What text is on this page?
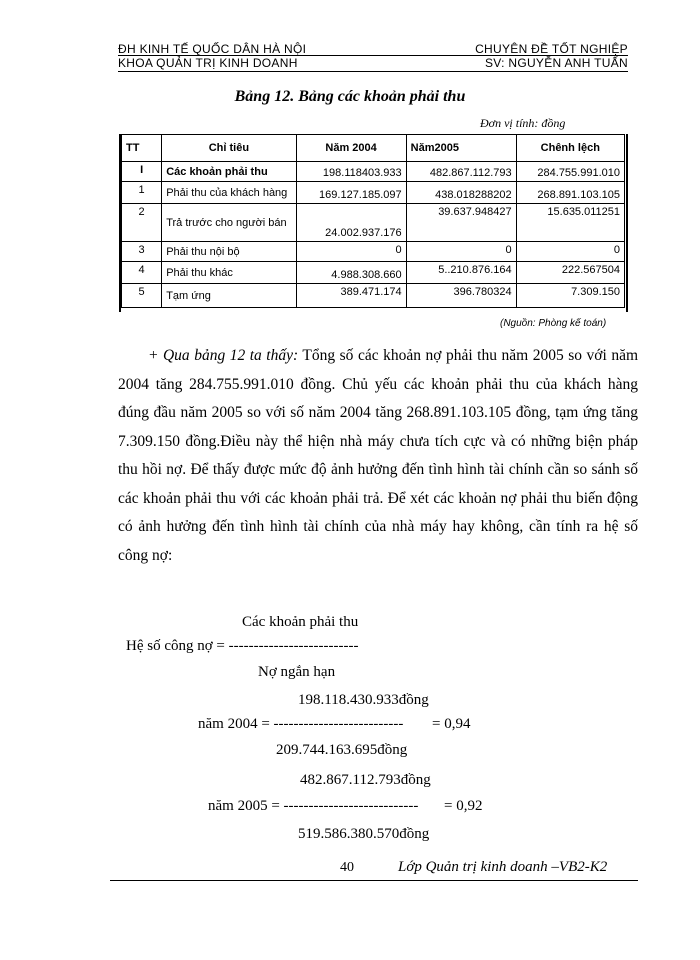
ĐH KINH TẾ QUỐC DÂN HÀ NỘI
KHOA QUẢN TRỊ KINH DOANH
CHUYÊN ĐỀ TỐT NGHIỆP
SV: NGUYỄN ANH TUẤN
Bảng 12. Bảng các khoản phải thu
Đơn vị tính: đồng
TT	Chỉ tiêu	Năm 2004	Năm2005	Chênh lệch
I	Các khoản phải thu	198.118403.933	482.867.112.793	284.755.991.010
1	Phải thu của khách hàng	169.127.185.097	438.018288202	268.891.103.105
2	Trả trước cho người bán	24.002.937.176	39.637.948427	15.635.011251
3	Phải thu nội bộ	0	0	0
4	Phải thu khác	4.988.308.660	5..210.876.164	222.567504
5	Tạm ứng	389.471.174	396.780324	7.309.150
(Nguồn: Phòng kế toán)
+ Qua bảng 12 ta thấy: Tổng số các khoản nợ phải thu năm 2005 so với năm 2004 tăng 284.755.991.010 đồng. Chủ yếu các khoản phải thu của khách hàng đúng đầu năm 2005 so với số năm 2004 tăng 268.891.103.105 đồng, tạm ứng tăng 7.309.150 đồng.Điều này thể hiện nhà máy chưa tích cực và có những biện pháp thu hồi nợ. Để thấy được mức độ ảnh hưởng đến tình hình tài chính cần so sánh số các khoản phải thu với các khoản phải trả. Để xét các khoản nợ phải thu biến động có ảnh hưởng đến tình hình tài chính của nhà máy hay không, cần tính ra hệ số công nợ:
Các khoản phải thu
Hệ số công nợ = --------------------------
Nợ ngắn hạn
198.118.430.933đồng
năm 2004 = -------------------------- = 0,94
209.744.163.695đồng
482.867.112.793đồng
năm 2005 = --------------------------- = 0,92
519.586.380.570đồng
40	Lớp Quản trị kinh doanh –VB2-K2
